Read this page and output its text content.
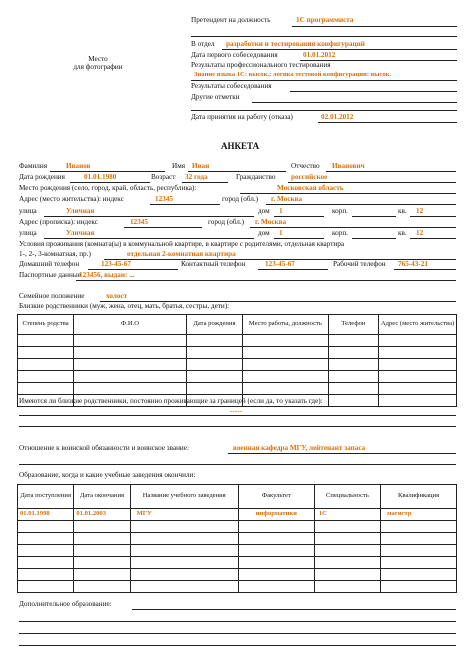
Место
для фотографии
Претендент на должность	1С программиста
В отдел разработки и тестирования конфигураций
Дата первого собеседования	01.01.2012
Результаты профессионального тестирования
Знание языка 1С: высок.; логика тестовой конфигурации: высок.
Результаты собеседования
Другие отметки
Дата принятия на работу (отказа)	02.01.2012
АНКЕТА
Фамилия	Иванов	Имя Иван	Отчество Иванович
Дата рождения	01.01.1980	Возраст 32 года	Гражданство российское
Место рождения (село, город, край, область, республика):	Московская область
Адрес (место жительства): индекс	12345	город (обл.) г. Москва
улица	Уличная	дом 1	корп.	кв. 12
Адрес (прописка): индекс	12345	город (обл.) г. Москва
улица	Уличная	дом 1	корп.	кв. 12
Условия проживания (комната(ы) в коммунальной квартире, в квартире с родителями, отдельная квартира
1-, 2-, 3-комнатная, пр.)	отдельная 2-комнатная квартира
Домашний телефон	123-45-67	Контактный телефон	123-45-67	Рабочий телефон 765-43-21
Паспортные данные
123456, выдан: ...
Семейное положение	холост
Близкие родственники (муж, жена, отец, мать, братья, сестры, дети):
Степень родства	Ф.И.О	Дата рождения	Место работы, должность	Телефон	Адрес (место жительства)

Имеются ли близкие родственники, постоянно проживающие за границей (если да, то указать где):
-----
Отношение к воинской обязанности и воинское звание:	военная кафедра МГУ, лейтенант запаса
Образование, когда и какие учебные заведения окончили:
Дата поступления	Дата окончания	Название учебного заведения	Факультет	Специальность	Квалификация
01.01.1998	01.01.2003	МГУ	информатики	1С	магистр

Дополнительное образование:
